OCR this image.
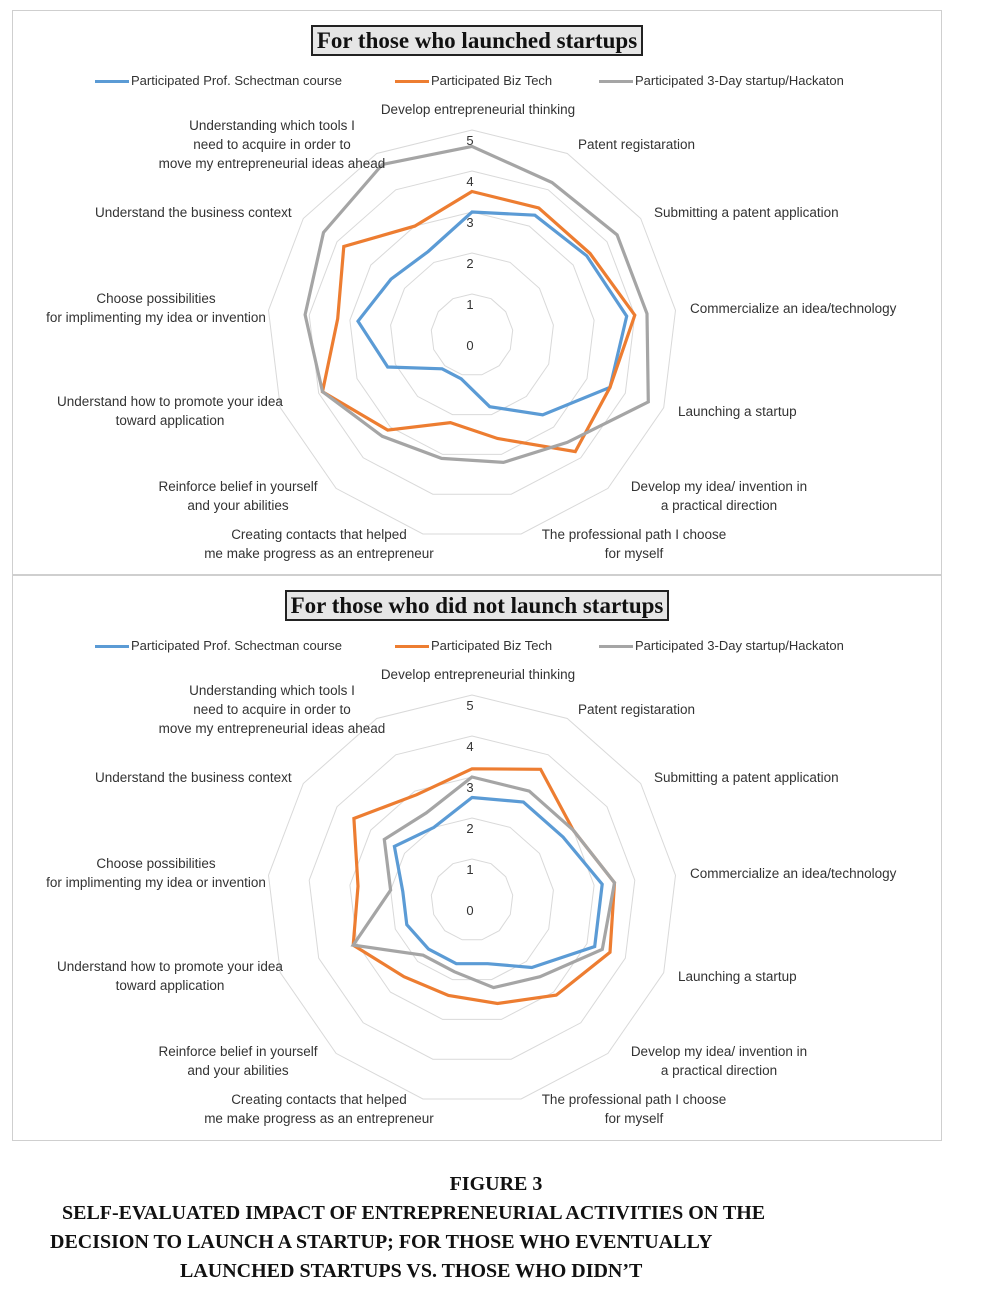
For those who launched startups
Participated Prof. Schectman course	Participated Biz Tech	Participated 3-Day startup/Hackaton
0
1
2
3
4
5
Develop entrepreneurial thinking
Patent registaration
Submitting a patent application
Commercialize an idea/technology
Launching a startup
Develop my idea/ invention in a practical direction
The professional path I choose for myself
Creating contacts that helped me make progress as an entrepreneur
Reinforce belief in yourself and your abilities
Understand how to promote your idea toward application
Choose possibilities for implimenting my idea or invention
Understand the business context
Understanding which tools I need to acquire in order to move my entrepreneurial ideas ahead
For those who did not launch startups
Participated Prof. Schectman course	Participated Biz Tech	Participated 3-Day startup/Hackaton
0
1
2
3
4
5
Develop entrepreneurial thinking
Patent registaration
Submitting a patent application
Commercialize an idea/technology
Launching a startup
Develop my idea/ invention in a practical direction
The professional path I choose for myself
Creating contacts that helped me make progress as an entrepreneur
Reinforce belief in yourself and your abilities
Understand how to promote your idea toward application
Choose possibilities for implimenting my idea or invention
Understand the business context
Understanding which tools I need to acquire in order to move my entrepreneurial ideas ahead
FIGURE 3
SELF-EVALUATED IMPACT OF ENTREPRENEURIAL ACTIVITIES ON THE
DECISION TO LAUNCH A STARTUP; FOR THOSE WHO EVENTUALLY
LAUNCHED STARTUPS VS. THOSE WHO DIDN’T
